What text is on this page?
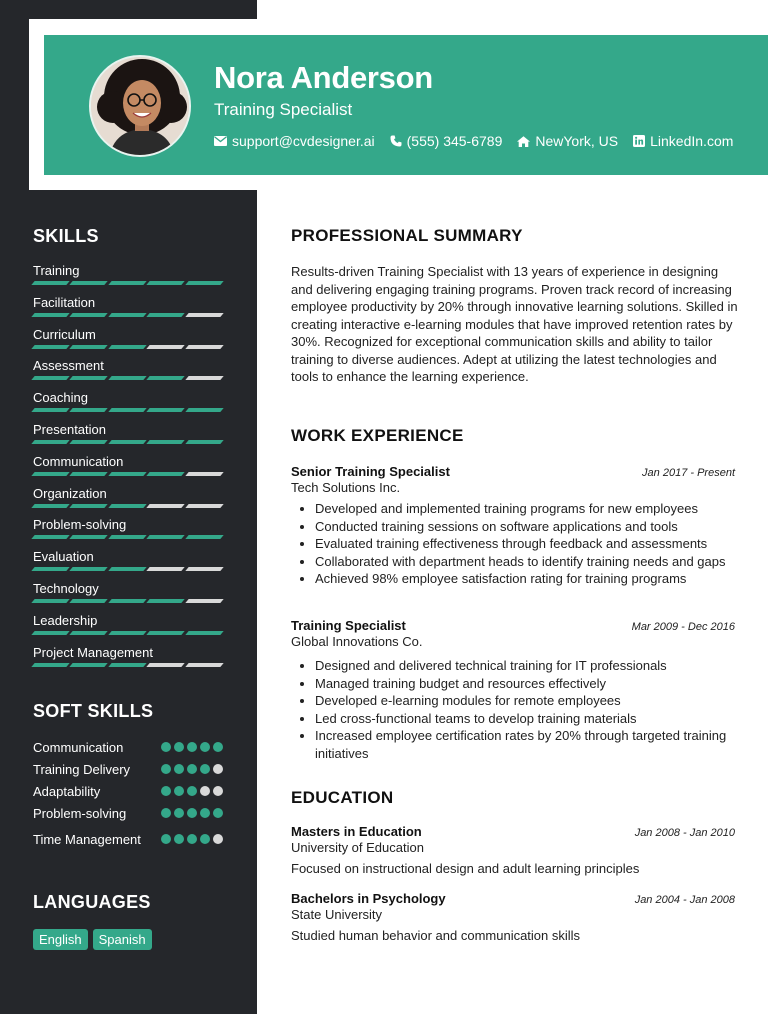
Nora Anderson
Training Specialist
support@cvdesigner.ai (555) 345-6789 NewYork, US LinkedIn.com
SKILLS
Training
Facilitation
Curriculum
Assessment
Coaching
Presentation
Communication
Organization
Problem-solving
Evaluation
Technology
Leadership
Project Management
SOFT SKILLS
Communication
Training Delivery
Adaptability
Problem-solving
Time Management
LANGUAGES
English	Spanish
PROFESSIONAL SUMMARY
Results-driven Training Specialist with 13 years of experience in designing and delivering engaging training programs. Proven track record of increasing employee productivity by 20% through innovative learning solutions. Skilled in creating interactive e-learning modules that have improved retention rates by 30%. Recognized for exceptional communication skills and ability to tailor training to diverse audiences. Adept at utilizing the latest technologies and tools to enhance the learning experience.
WORK EXPERIENCE
Senior Training Specialist	Jan 2017 - Present
Tech Solutions Inc.
• Developed and implemented training programs for new employees
• Conducted training sessions on software applications and tools
• Evaluated training effectiveness through feedback and assessments
• Collaborated with department heads to identify training needs and gaps
• Achieved 98% employee satisfaction rating for training programs
Training Specialist	Mar 2009 - Dec 2016
Global Innovations Co.
• Designed and delivered technical training for IT professionals
• Managed training budget and resources effectively
• Developed e-learning modules for remote employees
• Led cross-functional teams to develop training materials
• Increased employee certification rates by 20% through targeted training initiatives
EDUCATION
Masters in Education	Jan 2008 - Jan 2010
University of Education
Focused on instructional design and adult learning principles
Bachelors in Psychology	Jan 2004 - Jan 2008
State University
Studied human behavior and communication skills
